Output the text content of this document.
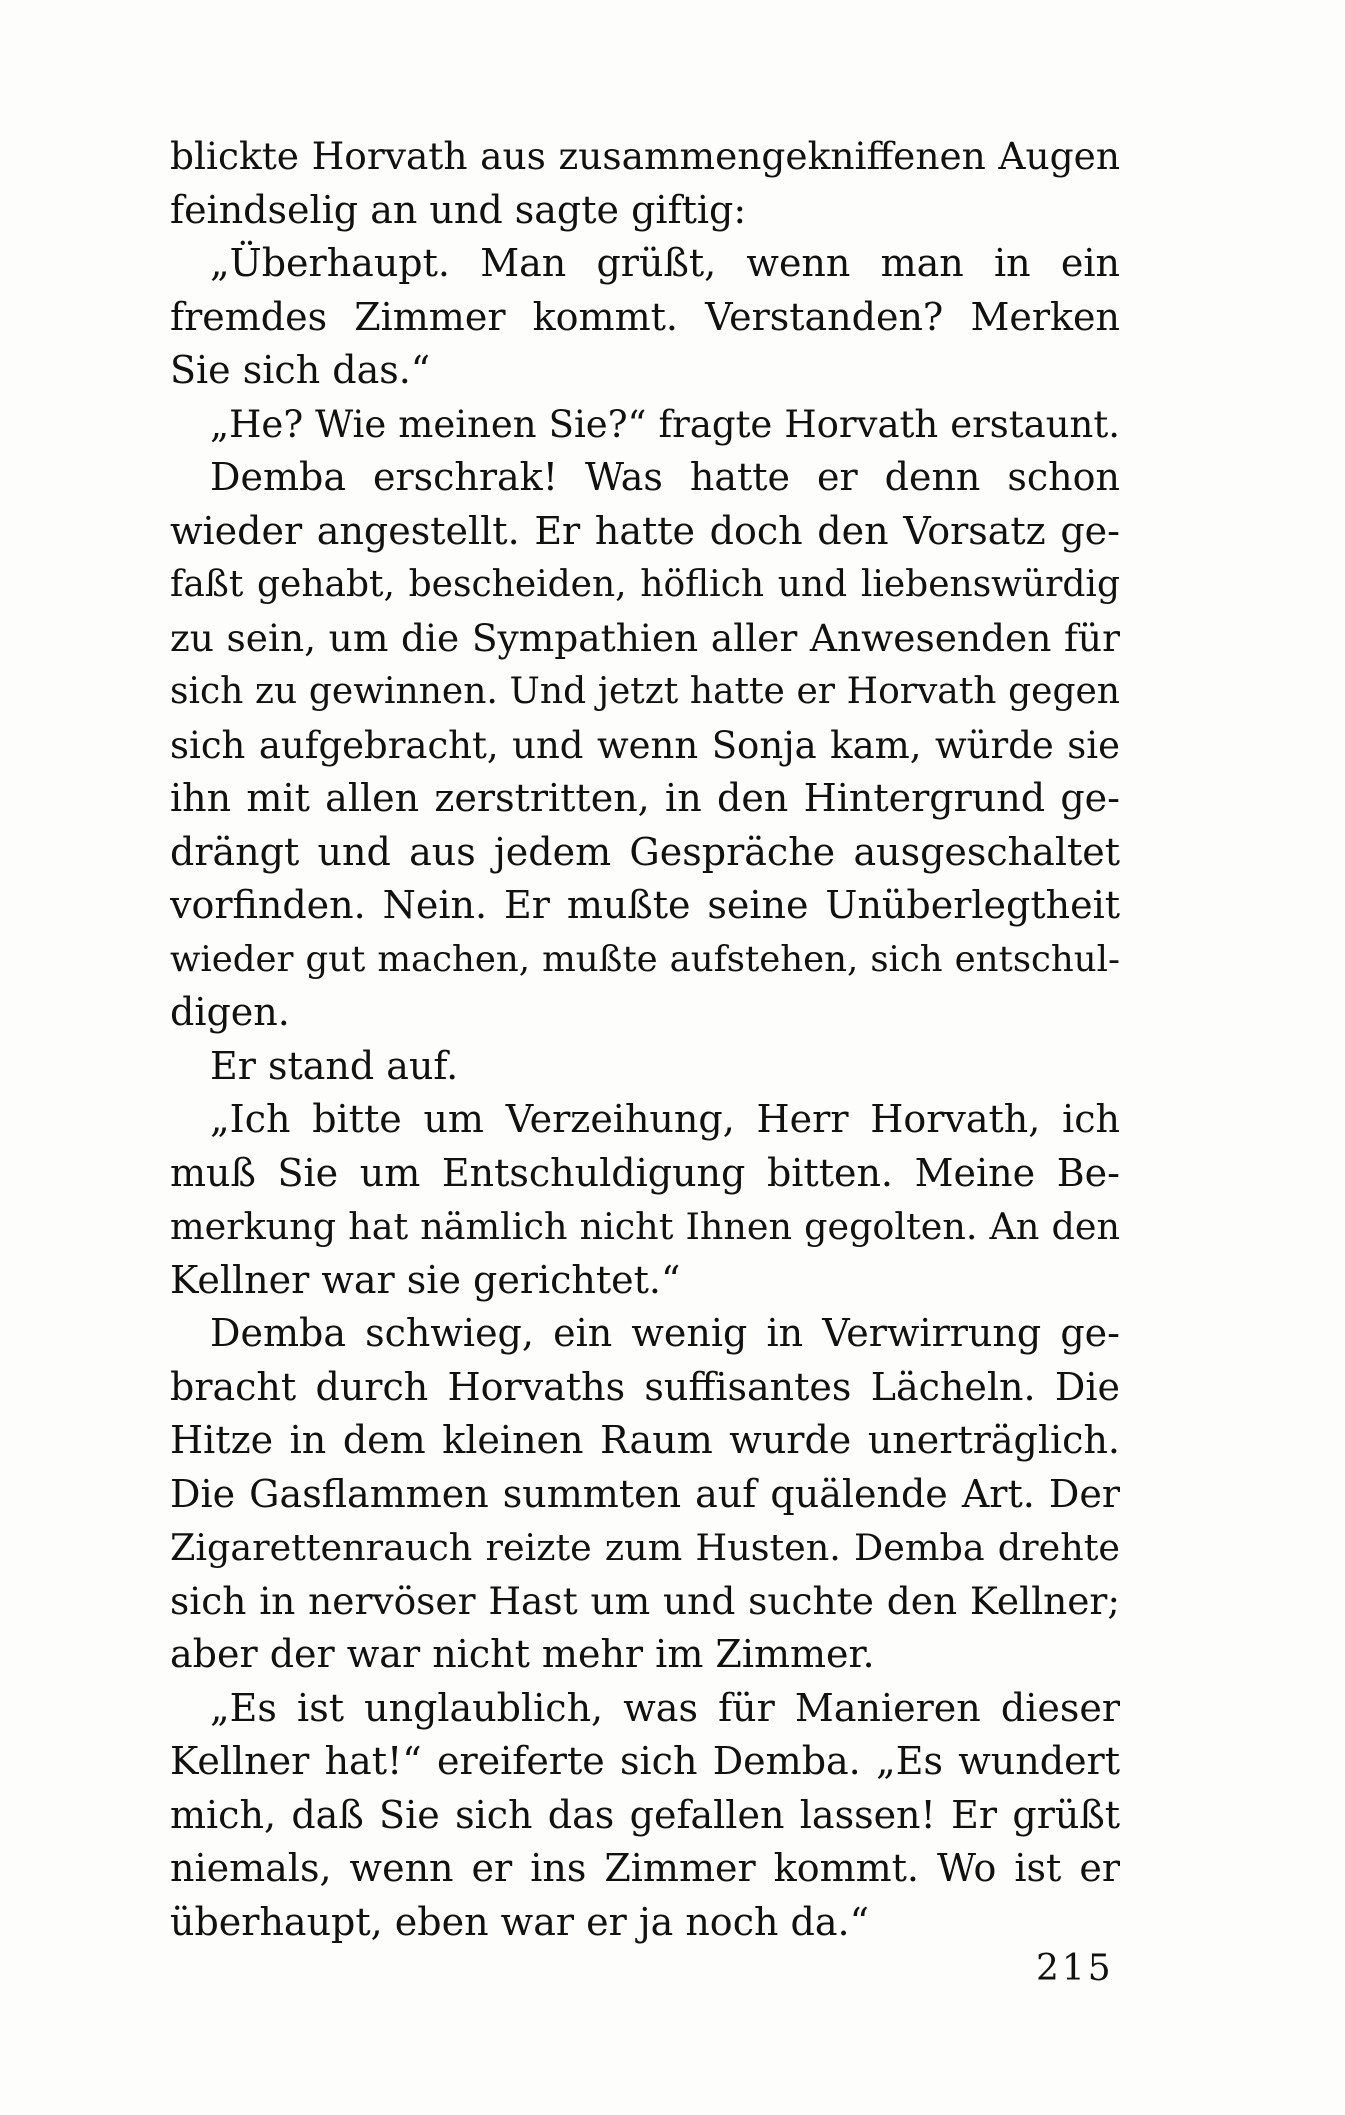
blickte Horvath aus zusammengekniffenen Augen
feindselig an und sagte giftig:
„Überhaupt. Man grüßt, wenn man in ein
fremdes Zimmer kommt. Verstanden? Merken
Sie sich das.“
„He? Wie meinen Sie?“ fragte Horvath erstaunt.
Demba erschrak! Was hatte er denn schon
wieder angestellt. Er hatte doch den Vorsatz ge-
faßt gehabt, bescheiden, höflich und liebenswürdig
zu sein, um die Sympathien aller Anwesenden für
sich zu gewinnen. Und jetzt hatte er Horvath gegen
sich aufgebracht, und wenn Sonja kam, würde sie
ihn mit allen zerstritten, in den Hintergrund ge-
drängt und aus jedem Gespräche ausgeschaltet
vorfinden. Nein. Er mußte seine Unüberlegtheit
wieder gut machen, mußte aufstehen, sich entschul-
digen.
Er stand auf.
„Ich bitte um Verzeihung, Herr Horvath, ich
muß Sie um Entschuldigung bitten. Meine Be-
merkung hat nämlich nicht Ihnen gegolten. An den
Kellner war sie gerichtet.“
Demba schwieg, ein wenig in Verwirrung ge-
bracht durch Horvaths suffisantes Lächeln. Die
Hitze in dem kleinen Raum wurde unerträglich.
Die Gasflammen summten auf quälende Art. Der
Zigarettenrauch reizte zum Husten. Demba drehte
sich in nervöser Hast um und suchte den Kellner;
aber der war nicht mehr im Zimmer.
„Es ist unglaublich, was für Manieren dieser
Kellner hat!“ ereiferte sich Demba. „Es wundert
mich, daß Sie sich das gefallen lassen! Er grüßt
niemals, wenn er ins Zimmer kommt. Wo ist er
überhaupt, eben war er ja noch da.“
215
